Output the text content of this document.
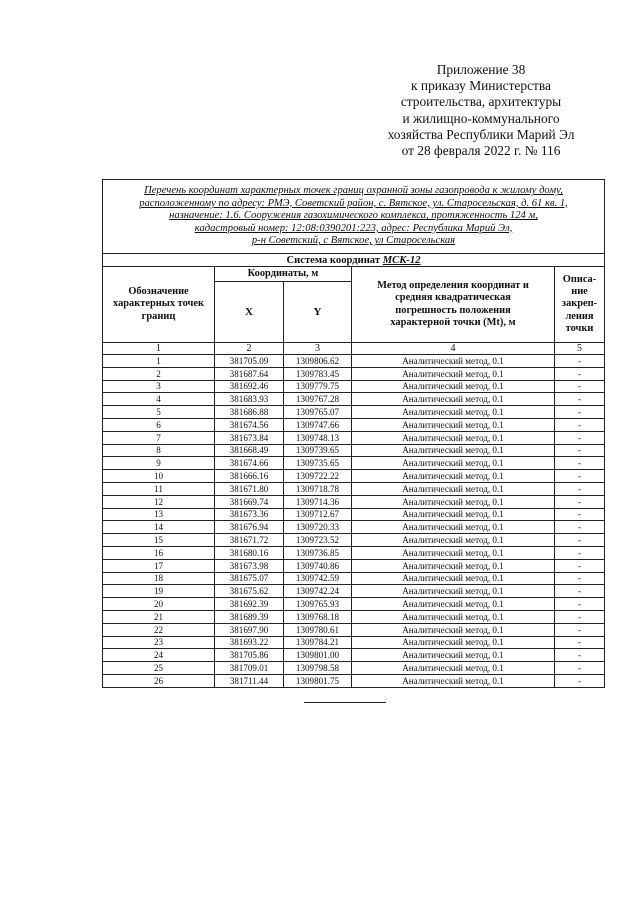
Приложение 38
к приказу Министерства
строительства, архитектуры
и жилищно-коммунального
хозяйства Республики Марий Эл
от 28 февраля 2022 г. № 116
Перечень координат характерных точек границ охранной зоны газопровода к жилому дому,
расположенному по адресу: РМЭ, Советский район, с. Вятское, ул. Старосельская, д. 61 кв. 1,
назначение: 1.6. Сооружения газохимического комплекса, протяженность 124 м,
кадастровый номер: 12:08:0390201:223, адрес: Республика Марий Эл,
р-н Советский, с Вятское, ул Старосельская				

Система координат МСК-12				

Обозначение
характерных точек
границ	Координаты, м		Метод определения координат и
средняя квадратическая
погрешность положения
характерной точки (Mt), м	Описа-
ние
закреп-
ления
точки

	X	Y		
1	2	3	4	5
1	381705.09	1309806.62	Аналитический метод, 0.1	-
2	381687.64	1309783.45	Аналитический метод, 0.1	-
3	381692.46	1309779.75	Аналитический метод, 0.1	-
4	381683.93	1309767.28	Аналитический метод, 0.1	-
5	381686.88	1309765.07	Аналитический метод, 0.1	-
6	381674.56	1309747.66	Аналитический метод, 0.1	-
7	381673.84	1309748.13	Аналитический метод, 0.1	-
8	381668.49	1309739.65	Аналитический метод, 0.1	-
9	381674.66	1309735.65	Аналитический метод, 0.1	-
10	381666.16	1309722.22	Аналитический метод, 0.1	-
11	381671.80	1309718.78	Аналитический метод, 0.1	-
12	381669.74	1309714.36	Аналитический метод, 0.1	-
13	381673.36	1309712.67	Аналитический метод, 0.1	-
14	381676.94	1309720.33	Аналитический метод, 0.1	-
15	381671.72	1309723.52	Аналитический метод, 0.1	-
16	381680.16	1309736.85	Аналитический метод, 0.1	-
17	381673.98	1309740.86	Аналитический метод, 0.1	-
18	381675.07	1309742.59	Аналитический метод, 0.1	-
19	381675.62	1309742.24	Аналитический метод, 0.1	-
20	381692.39	1309765.93	Аналитический метод, 0.1	-
21	381689.39	1309768.18	Аналитический метод, 0.1	-
22	381697.90	1309780.61	Аналитический метод, 0.1	-
23	381693.22	1309784.21	Аналитический метод, 0.1	-
24	381705.86	1309801.00	Аналитический метод, 0.1	-
25	381709.01	1309798.58	Аналитический метод, 0.1	-
26	381711.44	1309801.75	Аналитический метод, 0.1	-
